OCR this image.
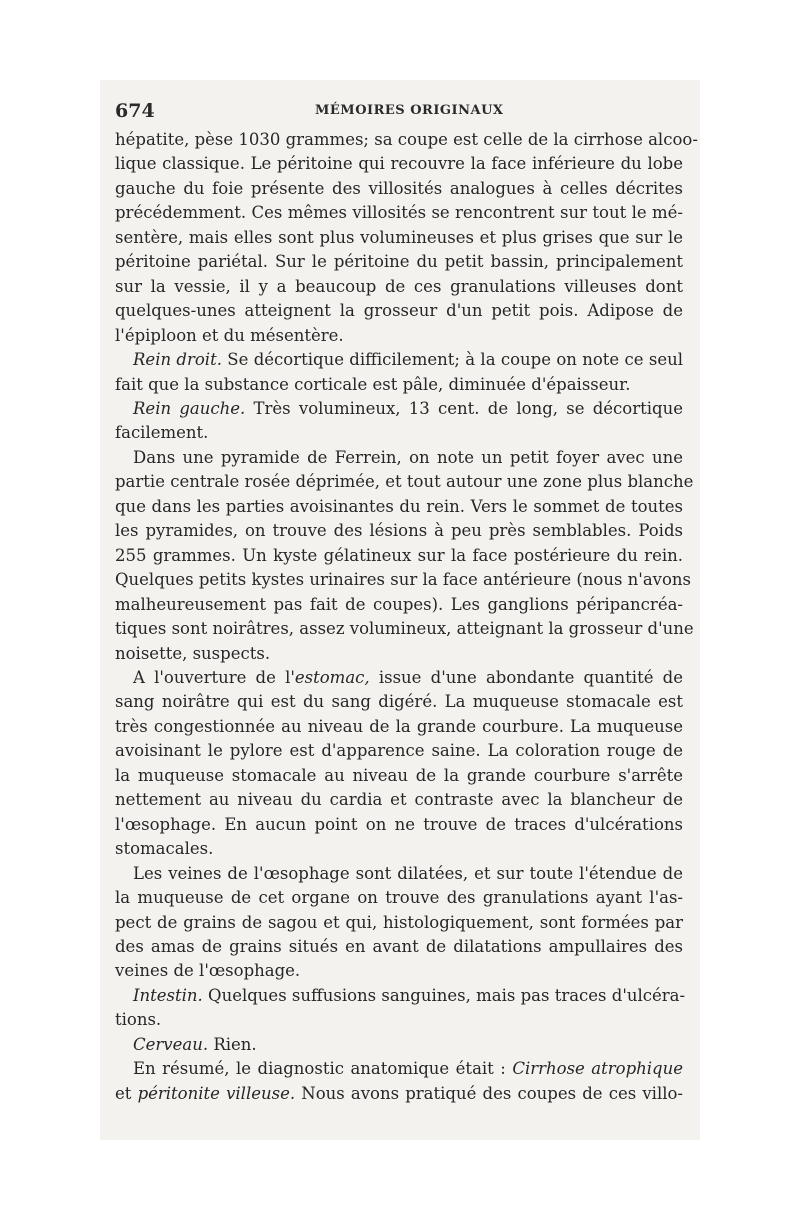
674	MÉMOIRES ORIGINAUX
hépatite, pèse 1030 grammes; sa coupe est celle de la cirrhose alcoo-
lique classique. Le péritoine qui recouvre la face inférieure du lobe
gauche du foie présente des villosités analogues à celles décrites
précédemment. Ces mêmes villosités se rencontrent sur tout le mé-
sentère, mais elles sont plus volumineuses et plus grises que sur le
péritoine pariétal. Sur le péritoine du petit bassin, principalement
sur la vessie, il y a beaucoup de ces granulations villeuses dont
quelques-unes atteignent la grosseur d'un petit pois. Adipose de
l'épiploon et du mésentère.
Rein droit. Se décortique difficilement; à la coupe on note ce seul
fait que la substance corticale est pâle, diminuée d'épaisseur.
Rein gauche. Très volumineux, 13 cent. de long, se décortique
facilement.
Dans une pyramide de Ferrein, on note un petit foyer avec une
partie centrale rosée déprimée, et tout autour une zone plus blanche
que dans les parties avoisinantes du rein. Vers le sommet de toutes
les pyramides, on trouve des lésions à peu près semblables. Poids
255 grammes. Un kyste gélatineux sur la face postérieure du rein.
Quelques petits kystes urinaires sur la face antérieure (nous n'avons
malheureusement pas fait de coupes). Les ganglions péripancréa-
tiques sont noirâtres, assez volumineux, atteignant la grosseur d'une
noisette, suspects.
A l'ouverture de l'estomac, issue d'une abondante quantité de
sang noirâtre qui est du sang digéré. La muqueuse stomacale est
très congestionnée au niveau de la grande courbure. La muqueuse
avoisinant le pylore est d'apparence saine. La coloration rouge de
la muqueuse stomacale au niveau de la grande courbure s'arrête
nettement au niveau du cardia et contraste avec la blancheur de
l'œsophage. En aucun point on ne trouve de traces d'ulcérations
stomacales.
Les veines de l'œsophage sont dilatées, et sur toute l'étendue de
la muqueuse de cet organe on trouve des granulations ayant l'as-
pect de grains de sagou et qui, histologiquement, sont formées par
des amas de grains situés en avant de dilatations ampullaires des
veines de l'œsophage.
Intestin. Quelques suffusions sanguines, mais pas traces d'ulcéra-
tions.
Cerveau. Rien.
En résumé, le diagnostic anatomique était : Cirrhose atrophique
et péritonite villeuse. Nous avons pratiqué des coupes de ces villo-
